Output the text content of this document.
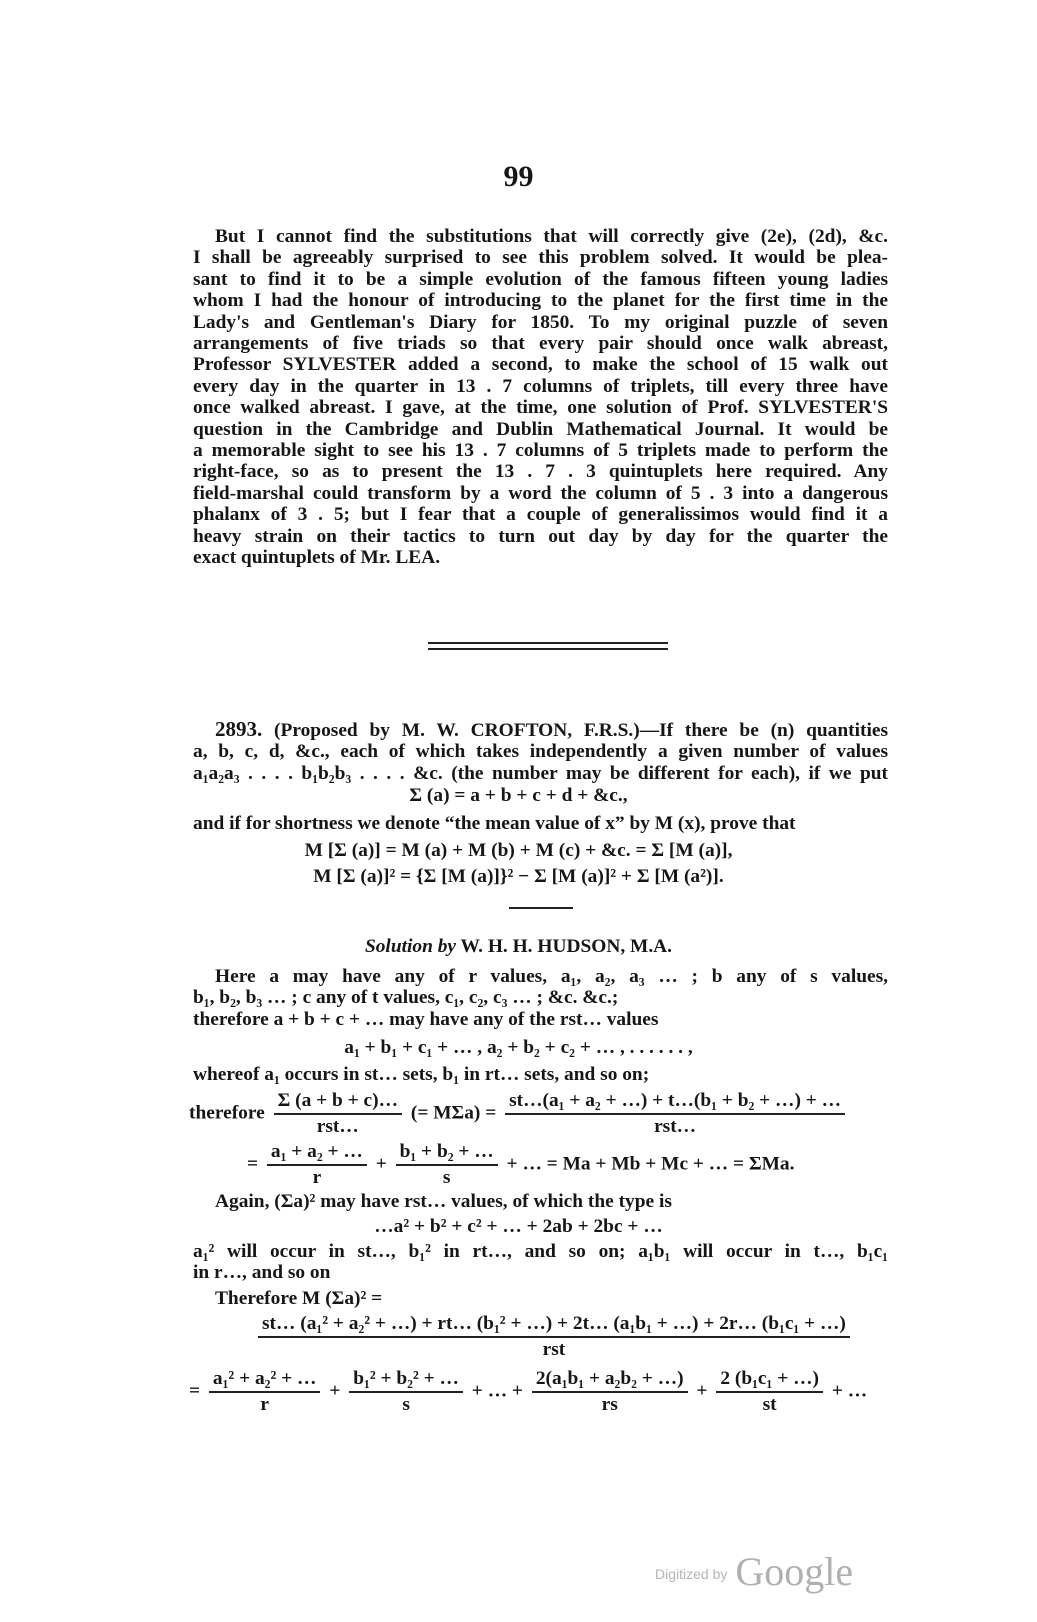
99
But I cannot find the substitutions that will correctly give (2e), (2d), &c.
I shall be agreeably surprised to see this problem solved. It would be plea-
sant to find it to be a simple evolution of the famous fifteen young ladies
whom I had the honour of introducing to the planet for the first time in the
Lady's and Gentleman's Diary for 1850. To my original puzzle of seven
arrangements of five triads so that every pair should once walk abreast,
Professor SYLVESTER added a second, to make the school of 15 walk out
every day in the quarter in 13 . 7 columns of triplets, till every three have
once walked abreast. I gave, at the time, one solution of Prof. SYLVESTER'S
question in the Cambridge and Dublin Mathematical Journal. It would be
a memorable sight to see his 13 . 7 columns of 5 triplets made to perform the
right-face, so as to present the 13 . 7 . 3 quintuplets here required. Any
field-marshal could transform by a word the column of 5 . 3 into a dangerous
phalanx of 3 . 5; but I fear that a couple of generalissimos would find it a
heavy strain on their tactics to turn out day by day for the quarter the
exact quintuplets of Mr. LEA.
2893. (Proposed by M. W. CROFTON, F.R.S.)—If there be (n) quantities
a, b, c, d, &c., each of which takes independently a given number of values
a₁a₂a₃ . . . . b₁b₂b₃ . . . . &c. (the number may be different for each), if we put
Σ (a) = a + b + c + d + &c.,
and if for shortness we denote “the mean value of x” by M (x), prove that
M [Σ (a)] = M (a) + M (b) + M (c) + &c. = Σ [M (a)],
M [Σ (a)]² = {Σ [M (a)]}² − Σ [M (a)]² + Σ [M (a²)].
Solution by W. H. H. HUDSON, M.A.
Here a may have any of r values, a₁, a₂, a₃ … ; b any of s values,
b₁, b₂, b₃ … ; c any of t values, c₁, c₂, c₃ … ; &c. &c.;
therefore a + b + c + … may have any of the rst… values
a₁ + b₁ + c₁ + … , a₂ + b₂ + c₂ + … , . . . . . . ,
whereof a₁ occurs in st… sets, b₁ in rt… sets, and so on;
therefore $\frac{\Sigma (a + b + c)\dots}{\text{rst…}}$ (= $M\Sigma a) = \frac{\text{st…(a₁ + a₂ + …) + t…(b₁ + b₂ + …) + …}}{\text{rst…}}$
= $\frac{\text{a₁ + a₂ + …}}{r} + \frac{\text{b₁ + b₂ + …}}{s}$ + … = Ma + Mb + Mc + … = ΣMa.
Again, (Σa)² may have rst… values, of which the type is
…a² + b² + c² + … + 2ab + 2bc + …
a₁² will occur in st…, b₁² in rt…, and so on; a₁b₁ will occur in t…, b₁c₁
in r…, and so on
Therefore M (Σa)² =
st… (a₁² + a₂² + …) + rt… (b₁² + …) + 2t… (a₁b₁ + …) + 2r… (b₁c₁ + …)
rst
= $\frac{\text{a₁² + a₂² + …}}{r} + \frac{\text{b₁² + b₂² + …}}{s}$ + … + $\frac{\text{2(a₁b₁ + a₂b₂ + …)}}{rs} + \frac{\text{2 (b₁c₁ + …)}}{st}$ + …
Digitized by Google
